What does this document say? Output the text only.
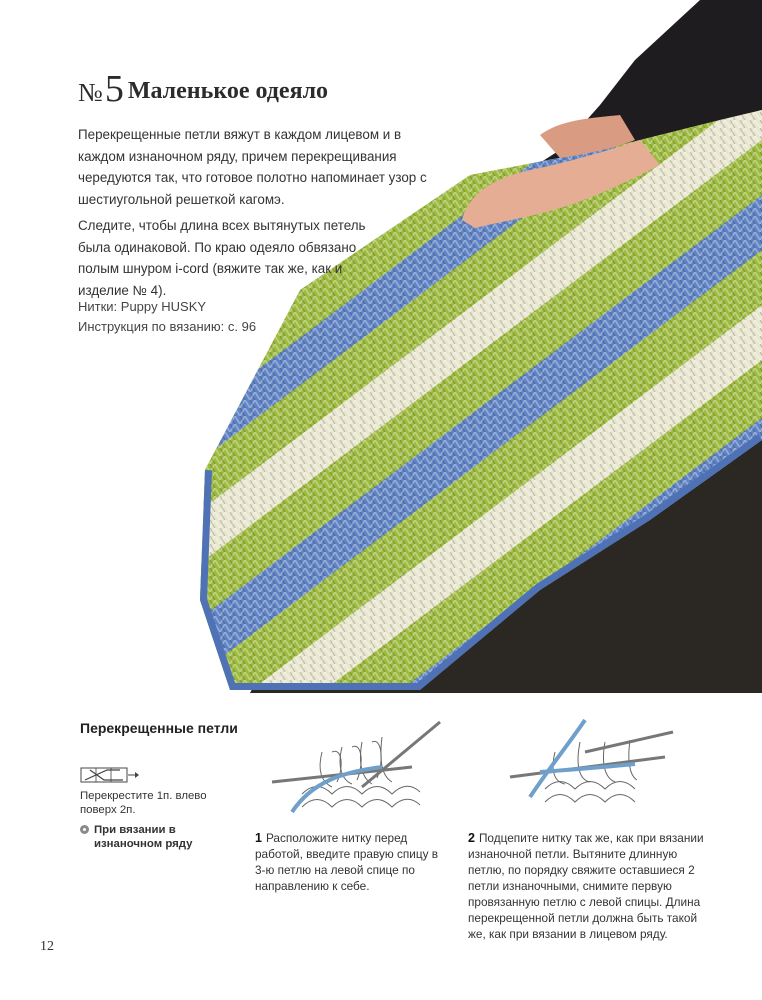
№5 Маленькое одеяло

Перекрещенные петли вяжут в каждом лицевом и в каждом изнаночном ряду, причем перекрещивания чередуются так, что готовое полотно напоминает узор с шестиугольной решеткой кагомэ.

Следите, чтобы длина всех вытянутых петель была одинаковой. По краю одеяло обвязано полым шнуром i-cord (вяжите так же, как и изделие № 4).

Нитки: Puppy HUSKY
Инструкция по вязанию: с. 96
Перекрещенные петли
Перекрестите 1п. влево поверх 2п.
При вязании в изнаночном ряду	1 Расположите нитку перед работой, введите правую спицу в 3-ю петлю на левой спице по направлению к себе.
2 Подцепите нитку так же, как при вязании изнаночной петли. Вытяните длинную петлю, по порядку свяжите оставшиеся 2 петли изнаночными, снимите первую провязанную петлю с левой спицы. Длина перекрещенной петли должна быть такой же, как при вязании в лицевом ряду.
12
